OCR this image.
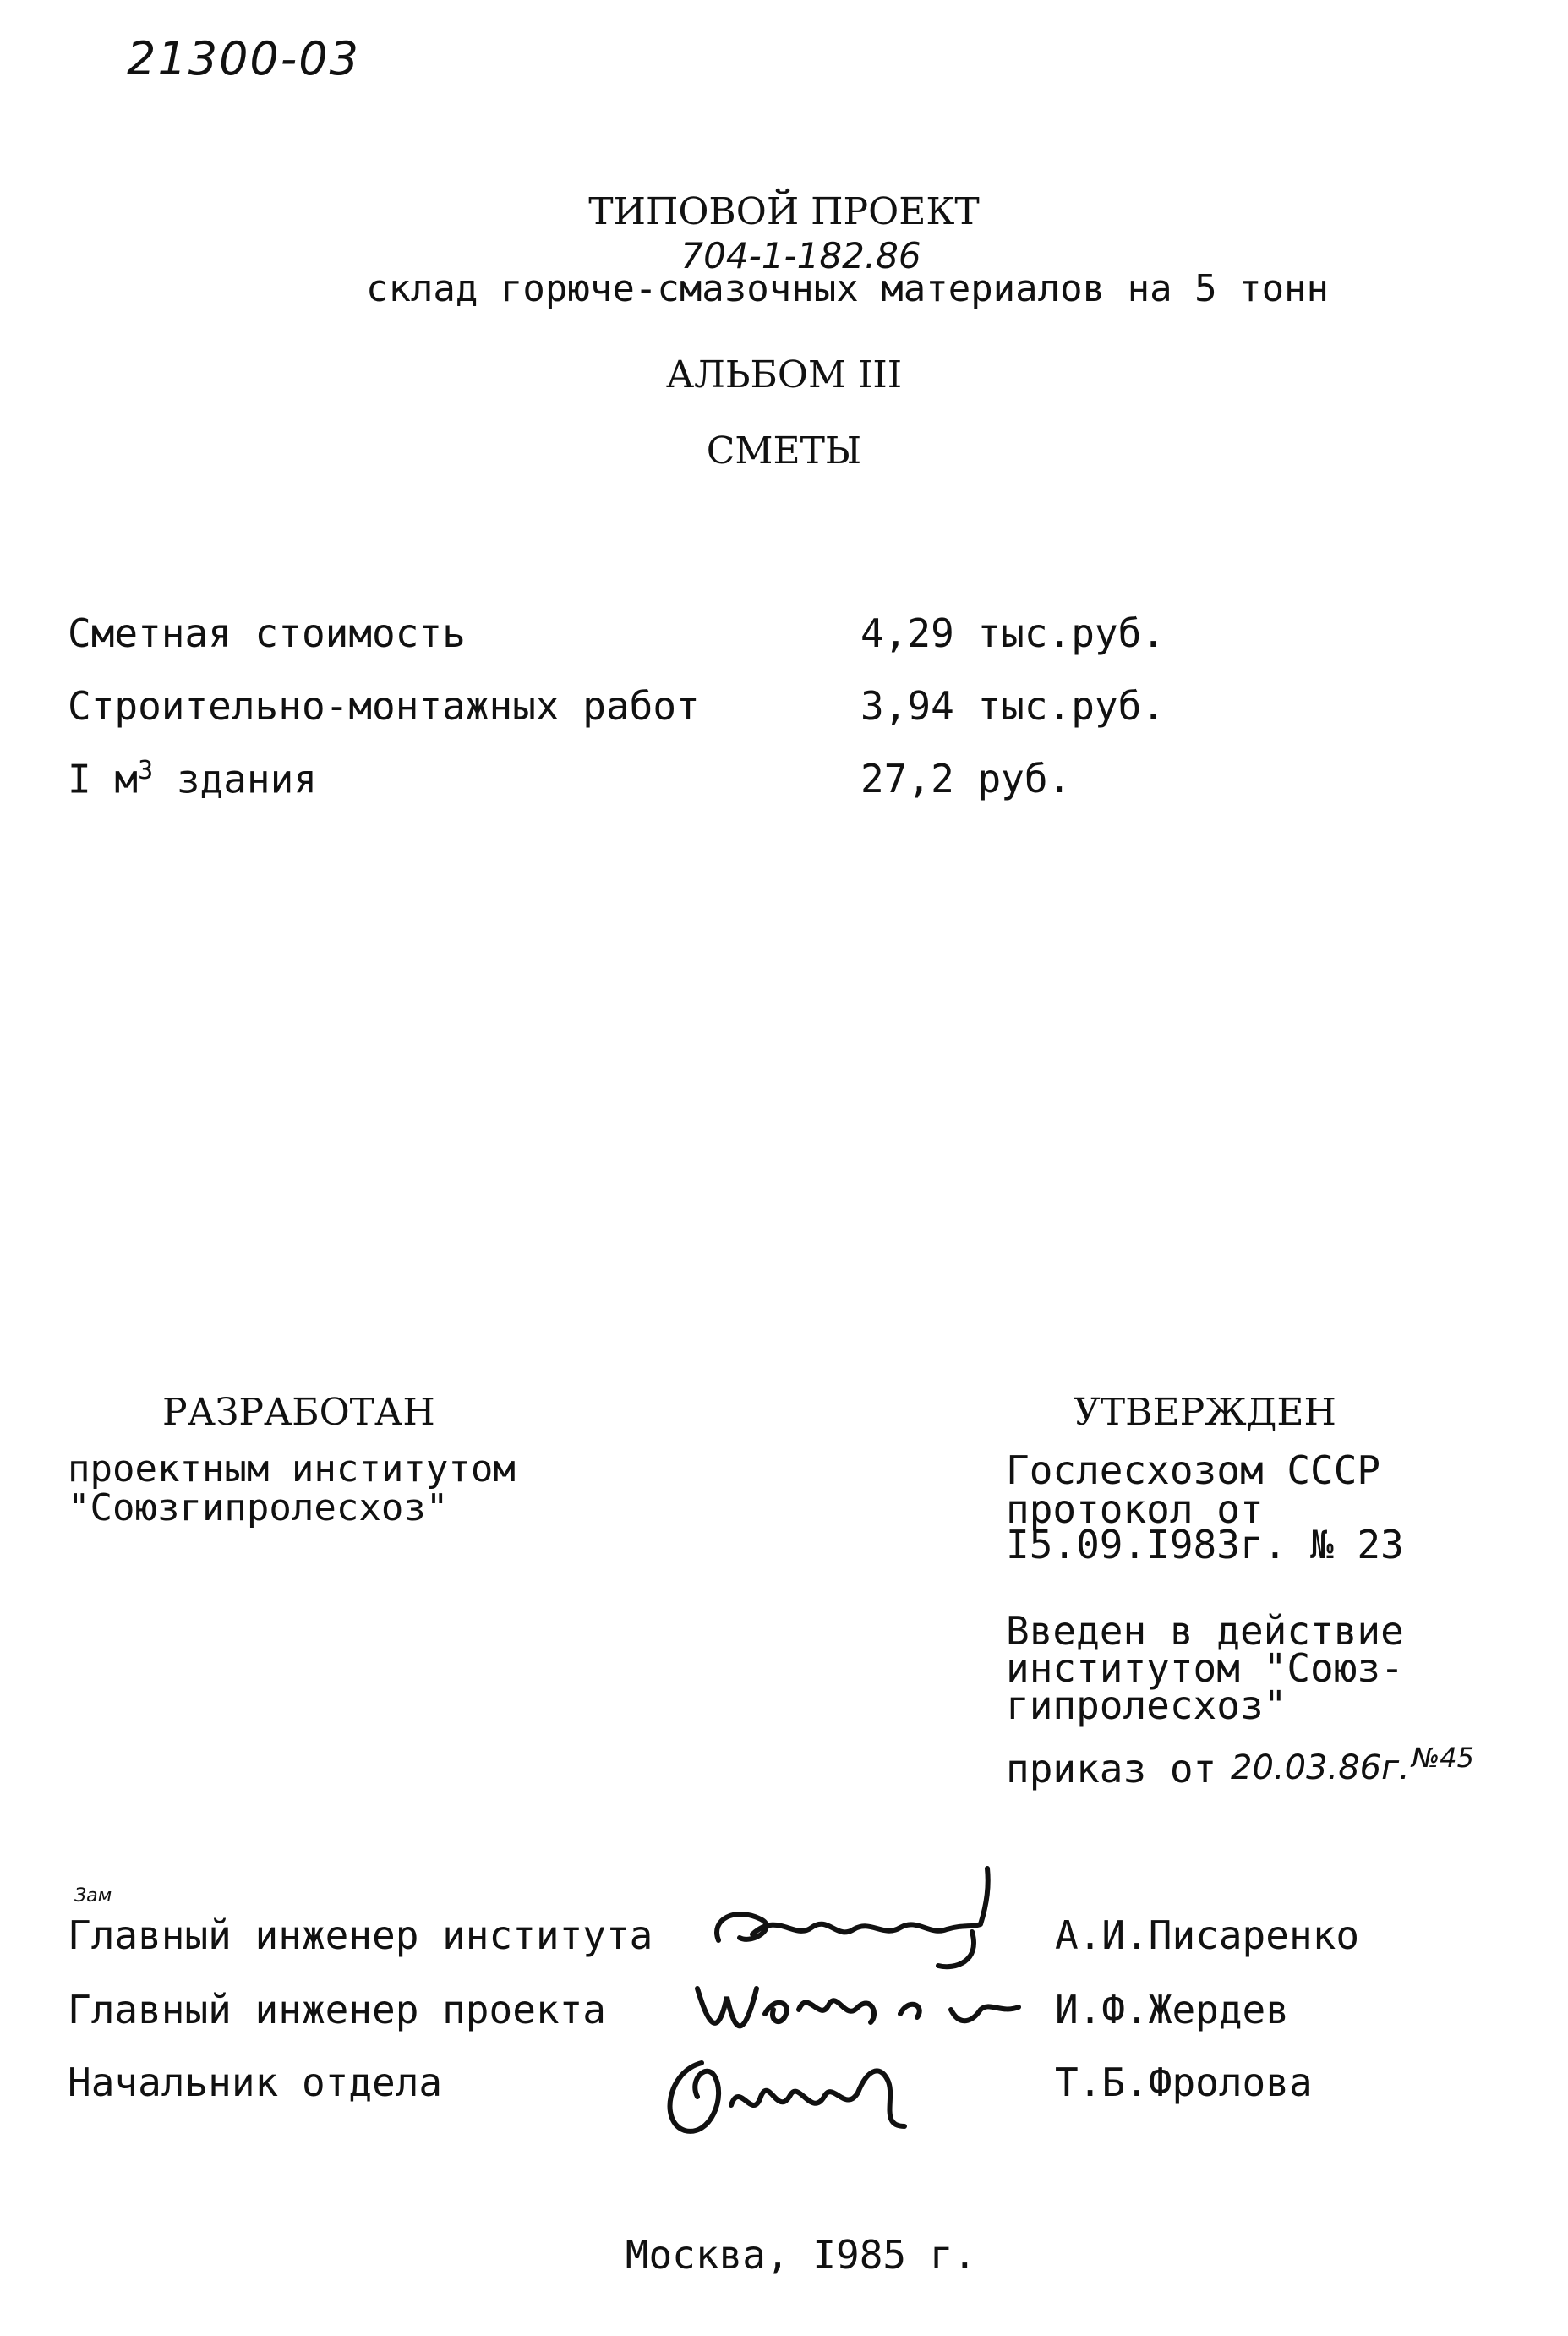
21300-03
ТИПОВОЙ ПРОЕКТ
704-1-182.86
склад горюче-смазочных материалов на 5 тонн
АЛЬБОМ III
СМЕТЫ
Сметная стоимость	4,29 тыс.руб.
Строительно-монтажных работ	3,94 тыс.руб.
I $м^3$ здания	27,2 руб.
РАЗРАБОТАН
проектным институтом
"Союзгипролесхоз"
УТВЕРЖДЕН
Гослесхозом СССР
протокол от
I5.09.I983г. № 23
Введен в действие
институтом "Союз-
гипролесхоз"
приказ от 20.03.86г. №45
Зам
Главный инженер института	А.И.Писаренко
Главный инженер проекта	И.Ф.Жердев
Начальник отдела	Т.Б.Фролова
Москва, I985 г.
